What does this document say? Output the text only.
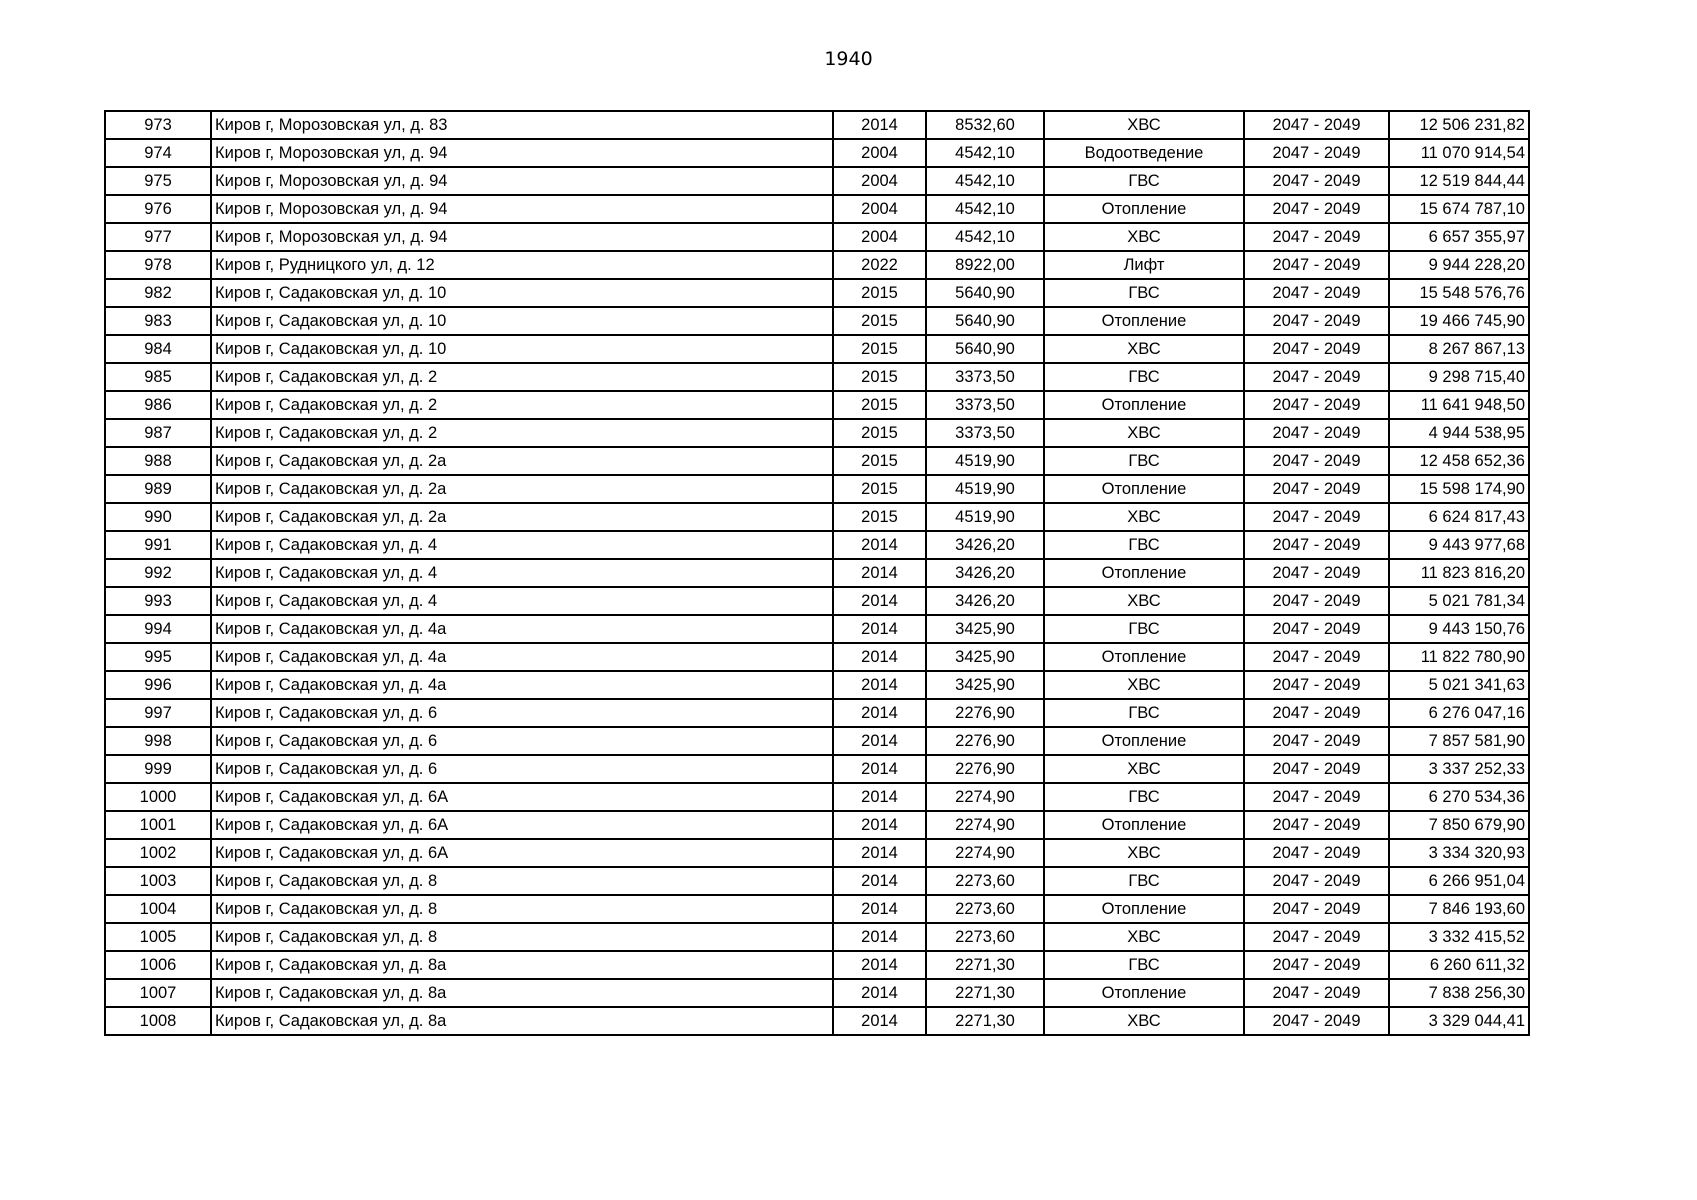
1940
973	Киров г, Морозовская ул, д. 83	2014	8532,60	ХВС	2047 - 2049	12 506 231,82
974	Киров г, Морозовская ул, д. 94	2004	4542,10	Водоотведение	2047 - 2049	11 070 914,54
975	Киров г, Морозовская ул, д. 94	2004	4542,10	ГВС	2047 - 2049	12 519 844,44
976	Киров г, Морозовская ул, д. 94	2004	4542,10	Отопление	2047 - 2049	15 674 787,10
977	Киров г, Морозовская ул, д. 94	2004	4542,10	ХВС	2047 - 2049	6 657 355,97
978	Киров г, Рудницкого ул, д. 12	2022	8922,00	Лифт	2047 - 2049	9 944 228,20
982	Киров г, Садаковская ул, д. 10	2015	5640,90	ГВС	2047 - 2049	15 548 576,76
983	Киров г, Садаковская ул, д. 10	2015	5640,90	Отопление	2047 - 2049	19 466 745,90
984	Киров г, Садаковская ул, д. 10	2015	5640,90	ХВС	2047 - 2049	8 267 867,13
985	Киров г, Садаковская ул, д. 2	2015	3373,50	ГВС	2047 - 2049	9 298 715,40
986	Киров г, Садаковская ул, д. 2	2015	3373,50	Отопление	2047 - 2049	11 641 948,50
987	Киров г, Садаковская ул, д. 2	2015	3373,50	ХВС	2047 - 2049	4 944 538,95
988	Киров г, Садаковская ул, д. 2а	2015	4519,90	ГВС	2047 - 2049	12 458 652,36
989	Киров г, Садаковская ул, д. 2а	2015	4519,90	Отопление	2047 - 2049	15 598 174,90
990	Киров г, Садаковская ул, д. 2а	2015	4519,90	ХВС	2047 - 2049	6 624 817,43
991	Киров г, Садаковская ул, д. 4	2014	3426,20	ГВС	2047 - 2049	9 443 977,68
992	Киров г, Садаковская ул, д. 4	2014	3426,20	Отопление	2047 - 2049	11 823 816,20
993	Киров г, Садаковская ул, д. 4	2014	3426,20	ХВС	2047 - 2049	5 021 781,34
994	Киров г, Садаковская ул, д. 4а	2014	3425,90	ГВС	2047 - 2049	9 443 150,76
995	Киров г, Садаковская ул, д. 4а	2014	3425,90	Отопление	2047 - 2049	11 822 780,90
996	Киров г, Садаковская ул, д. 4а	2014	3425,90	ХВС	2047 - 2049	5 021 341,63
997	Киров г, Садаковская ул, д. 6	2014	2276,90	ГВС	2047 - 2049	6 276 047,16
998	Киров г, Садаковская ул, д. 6	2014	2276,90	Отопление	2047 - 2049	7 857 581,90
999	Киров г, Садаковская ул, д. 6	2014	2276,90	ХВС	2047 - 2049	3 337 252,33
1000	Киров г, Садаковская ул, д. 6А	2014	2274,90	ГВС	2047 - 2049	6 270 534,36
1001	Киров г, Садаковская ул, д. 6А	2014	2274,90	Отопление	2047 - 2049	7 850 679,90
1002	Киров г, Садаковская ул, д. 6А	2014	2274,90	ХВС	2047 - 2049	3 334 320,93
1003	Киров г, Садаковская ул, д. 8	2014	2273,60	ГВС	2047 - 2049	6 266 951,04
1004	Киров г, Садаковская ул, д. 8	2014	2273,60	Отопление	2047 - 2049	7 846 193,60
1005	Киров г, Садаковская ул, д. 8	2014	2273,60	ХВС	2047 - 2049	3 332 415,52
1006	Киров г, Садаковская ул, д. 8а	2014	2271,30	ГВС	2047 - 2049	6 260 611,32
1007	Киров г, Садаковская ул, д. 8а	2014	2271,30	Отопление	2047 - 2049	7 838 256,30
1008	Киров г, Садаковская ул, д. 8а	2014	2271,30	ХВС	2047 - 2049	3 329 044,41
